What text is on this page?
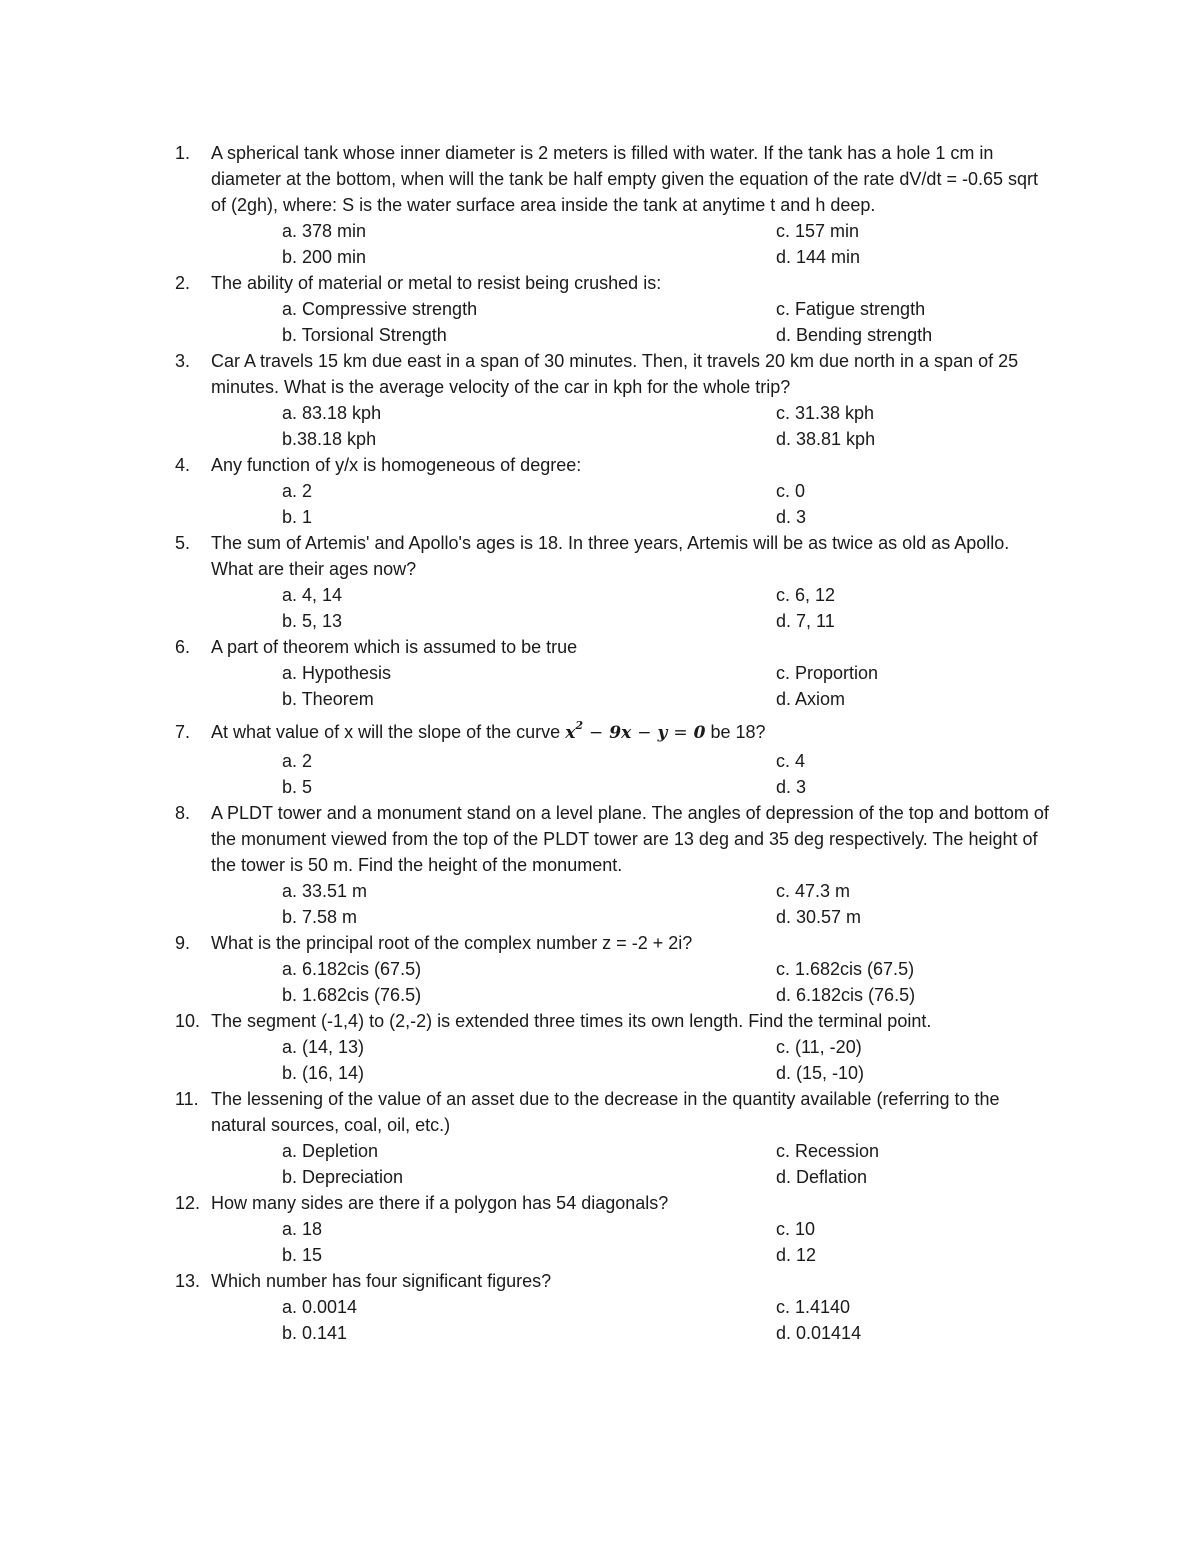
1.	A spherical tank whose inner diameter is 2 meters is filled with water. If the tank has a hole 1 cm in diameter at the bottom, when will the tank be half empty given the equation of the rate dV/dt = -0.65 sqrt of (2gh), where: S is the water surface area inside the tank at anytime t and h deep.
a. 378 min	c. 157 min
b. 200 min	d. 144 min
2.	The ability of material or metal to resist being crushed is:
a. Compressive strength	c. Fatigue strength
b. Torsional Strength	d. Bending strength
3.	Car A travels 15 km due east in a span of 30 minutes. Then, it travels 20 km due north in a span of 25 minutes. What is the average velocity of the car in kph for the whole trip?
a. 83.18 kph	c. 31.38 kph
b.38.18 kph	d. 38.81 kph
4.	Any function of y/x is homogeneous of degree:
a. 2	c. 0
b. 1	d. 3
5.	The sum of Artemis' and Apollo's ages is 18. In three years, Artemis will be as twice as old as Apollo. What are their ages now?
a. 4, 14	c. 6, 12
b. 5, 13	d. 7, 11
6.	A part of theorem which is assumed to be true
a. Hypothesis	c. Proportion
b. Theorem	d. Axiom
7.	At what value of x will the slope of the curve $x^2 - 9x - y = 0$ be 18?
a. 2	c. 4
b. 5	d. 3
8.	A PLDT tower and a monument stand on a level plane. The angles of depression of the top and bottom of the monument viewed from the top of the PLDT tower are 13 deg and 35 deg respectively. The height of the tower is 50 m. Find the height of the monument.
a. 33.51 m	c. 47.3 m
b. 7.58 m	d. 30.57 m
9.	What is the principal root of the complex number z = -2 + 2i?
a. 6.182cis (67.5)	c. 1.682cis (67.5)
b. 1.682cis (76.5)	d. 6.182cis (76.5)
10. The segment (-1,4) to (2,-2) is extended three times its own length. Find the terminal point.
a. (14, 13)	c. (11, -20)
b. (16, 14)	d. (15, -10)
11. The lessening of the value of an asset due to the decrease in the quantity available (referring to the natural sources, coal, oil, etc.)
a. Depletion	c. Recession
b. Depreciation	d. Deflation
12. How many sides are there if a polygon has 54 diagonals?
a. 18	c. 10
b. 15	d. 12
13. Which number has four significant figures?
a. 0.0014	c. 1.4140
b. 0.141	d. 0.01414
